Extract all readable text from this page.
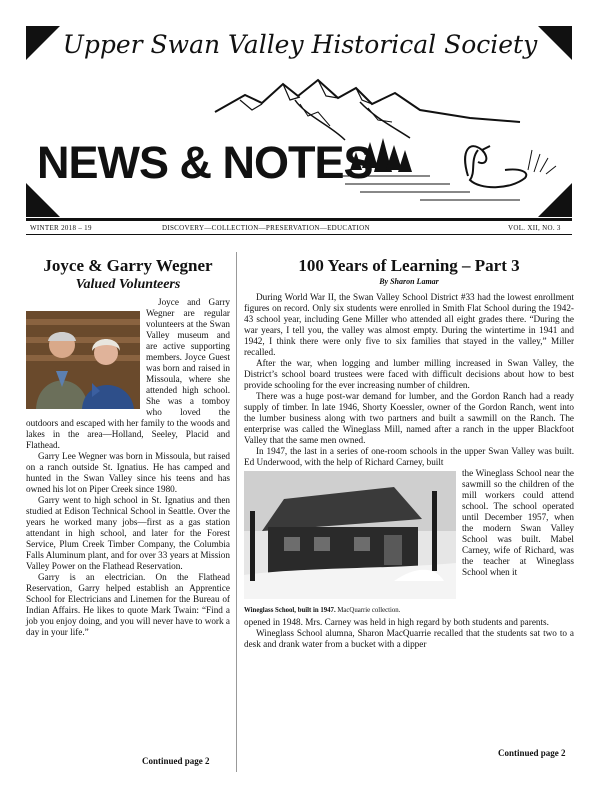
Upper Swan Valley Historical Society
NEWS & NOTES
WINTER 2018 – 19	DISCOVERY—COLLECTION—PRESERVATION—EDUCATION	VOL. XII, NO. 3
Joyce & Garry Wegner
Valued Volunteers

Joyce and Garry Wegner are regular volunteers at the Swan Valley museum and are active supporting members. Joyce Guest was born and raised in Missoula, where she attended high school. She was a tomboy who loved the outdoors and escaped with her family to the woods and lakes in the area—Holland, Seeley, Placid and Flathead.

Garry Lee Wegner was born in Missoula, but raised on a ranch outside St. Ignatius. He has camped and hunted in the Swan Valley since his teens and has owned his lot on Piper Creek since 1980.

Garry went to high school in St. Ignatius and then studied at Edison Technical School in Seattle. Over the years he worked many jobs—first as a gas station attendant in high school, and later for the Forest Service, Plum Creek Timber Company, the Columbia Falls Aluminum plant, and for over 33 years at Mission Valley Power on the Flathead Reservation.

Garry is an electrician. On the Flathead Reservation, Garry helped establish an Apprentice School for Electricians and Linemen for the Bureau of Indian Affairs. He likes to quote Mark Twain: “Find a job you enjoy doing, and you will never have to work a day in your life.”

Continued page 2
100 Years of Learning – Part 3
By Sharon Lamar

During World War II, the Swan Valley School District #33 had the lowest enrollment figures on record. Only six students were enrolled in Smith Flat School during the 1942-43 school year, including Gene Miller who attended all eight grades there. “During the war years, I tell you, the valley was almost empty. During the wintertime in 1941 and 1942, I think there were only five to six families that stayed in the valley,” Miller recalled.

After the war, when logging and lumber milling increased in Swan Valley, the District’s school board trustees were faced with difficult decisions about how to best provide schooling for the ever increasing number of children.

There was a huge post-war demand for lumber, and the Gordon Ranch had a ready supply of timber. In late 1946, Shorty Koessler, owner of the Gordon Ranch, went into the lumber business along with two partners and built a sawmill on the Ranch. The enterprise was called the Wineglass Mill, named after a ranch in the upper Blackfoot Valley that the same men owned.

In 1947, the last in a series of one-room schools in the upper Swan Valley was built. Ed Underwood, with the help of Richard Carney, built

Wineglass School, built in 1947. MacQuarrie collection.

the Wineglass School near the sawmill so the children of the mill workers could attend school. The school operated until December 1957, when the modern Swan Valley School was built. Mabel Carney, wife of Richard, was the teacher at Wineglass School when it

opened in 1948. Mrs. Carney was held in high regard by both students and parents.

Wineglass School alumna, Sharon MacQuarrie recalled that the students sat two to a desk and drank water from a bucket with a dipper

Continued page 2
